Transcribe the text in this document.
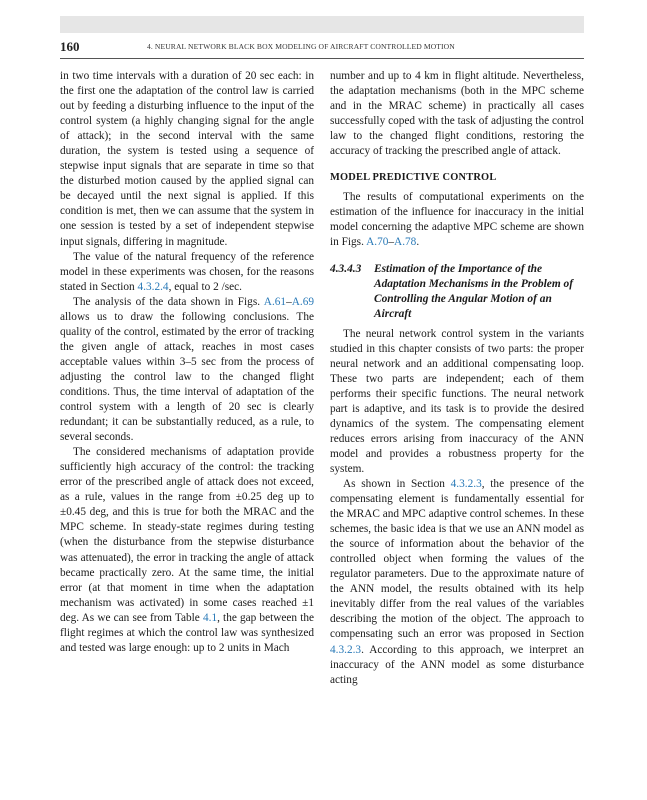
160	4. NEURAL NETWORK BLACK BOX MODELING OF AIRCRAFT CONTROLLED MOTION

in two time intervals with a duration of 20 sec each: in the first one the adaptation of the control law is carried out by feeding a disturbing influence to the input of the control system (a highly changing signal for the angle of attack); in the second interval with the same duration, the system is tested using a sequence of stepwise input signals that are separate in time so that the disturbed motion caused by the applied signal can be decayed until the next signal is applied. If this condition is met, then we can assume that the system in one session is tested by a set of independent stepwise input signals, differing in magnitude.

The value of the natural frequency of the reference model in these experiments was chosen, for the reasons stated in Section 4.3.2.4, equal to 2 /sec.

The analysis of the data shown in Figs. A.61–A.69 allows us to draw the following conclusions. The quality of the control, estimated by the error of tracking the given angle of attack, reaches in most cases acceptable values within 3–5 sec from the process of adjusting the control law to the changed flight conditions. Thus, the time interval of adaptation of the control system with a length of 20 sec is clearly redundant; it can be substantially reduced, as a rule, to several seconds.

The considered mechanisms of adaptation provide sufficiently high accuracy of the control: the tracking error of the prescribed angle of attack does not exceed, as a rule, values in the range from ±0.25 deg up to ±0.45 deg, and this is true for both the MRAC and the MPC scheme. In steady-state regimes during testing (when the disturbance from the stepwise disturbance was attenuated), the error in tracking the angle of attack became practically zero. At the same time, the initial error (at that moment in time when the adaptation mechanism was activated) in some cases reached ±1 deg. As we can see from Table 4.1, the gap between the flight regimes at which the control law was synthesized and tested was large enough: up to 2 units in Mach

number and up to 4 km in flight altitude. Nevertheless, the adaptation mechanisms (both in the MPC scheme and in the MRAC scheme) in practically all cases successfully coped with the task of adjusting the control law to the changed flight conditions, restoring the accuracy of tracking the prescribed angle of attack.

MODEL PREDICTIVE CONTROL

The results of computational experiments on the estimation of the influence for inaccuracy in the initial model concerning the adaptive MPC scheme are shown in Figs. A.70–A.78.

4.3.4.3	Estimation of the Importance of the Adaptation Mechanisms in the Problem of Controlling the Angular Motion of an Aircraft

The neural network control system in the variants studied in this chapter consists of two parts: the proper neural network and an additional compensating loop. These two parts are independent; each of them performs their specific functions. The neural network part is adaptive, and its task is to provide the desired dynamics of the system. The compensating element reduces errors arising from inaccuracy of the ANN model and provides a robustness property for the system.

As shown in Section 4.3.2.3, the presence of the compensating element is fundamentally essential for the MRAC and MPC adaptive control schemes. In these schemes, the basic idea is that we use an ANN model as the source of information about the behavior of the controlled object when forming the values of the regulator parameters. Due to the approximate nature of the ANN model, the results obtained with its help inevitably differ from the real values of the variables describing the motion of the object. The approach to compensating such an error was proposed in Section 4.3.2.3. According to this approach, we interpret an inaccuracy of the ANN model as some disturbance acting
